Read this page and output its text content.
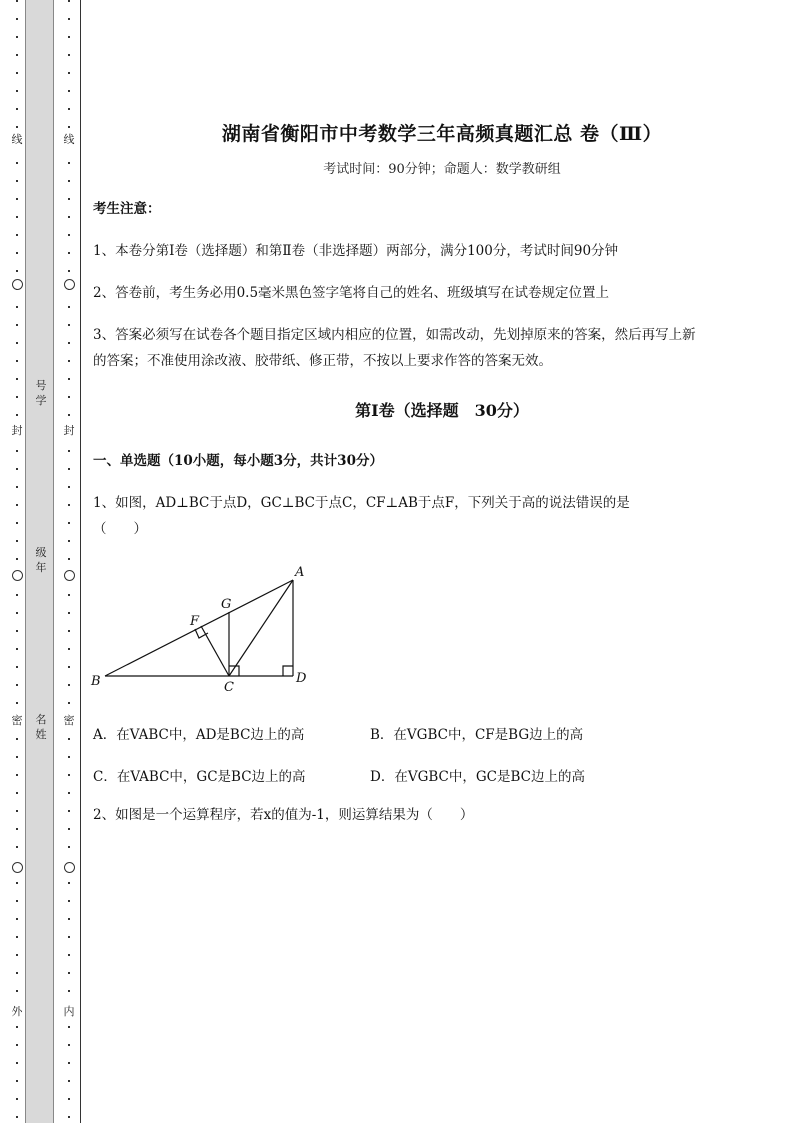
线
封
密
外
号学
级年
名姓
线
封
密
内
湖南省衡阳市中考数学三年高频真题汇总 卷（Ⅲ）
考试时间：90分钟；命题人：数学教研组
考生注意：
1、本卷分第Ⅰ卷（选择题）和第Ⅱ卷（非选择题）两部分，满分100分，考试时间90分钟
2、答卷前，考生务必用0.5毫米黑色签字笔将自己的姓名、班级填写在试卷规定位置上
3、答案必须写在试卷各个题目指定区域内相应的位置，如需改动，先划掉原来的答案，然后再写上新
的答案；不准使用涂改液、胶带纸、修正带，不按以上要求作答的答案无效。
第Ⅰ卷（选择题　30分）
一、单选题（10小题，每小题3分，共计30分）
1、如图，AD⊥BC于点D，GC⊥BC于点C，CF⊥AB于点F，下列关于高的说法错误的是
（　　）
A
B	C
D
F
G
A．在VABC中，AD是BC边上的高	B．在VGBC中，CF是BG边上的高
C．在VABC中，GC是BC边上的高	D．在VGBC中，GC是BC边上的高
2、如图是一个运算程序，若x的值为-1，则运算结果为（　　）
